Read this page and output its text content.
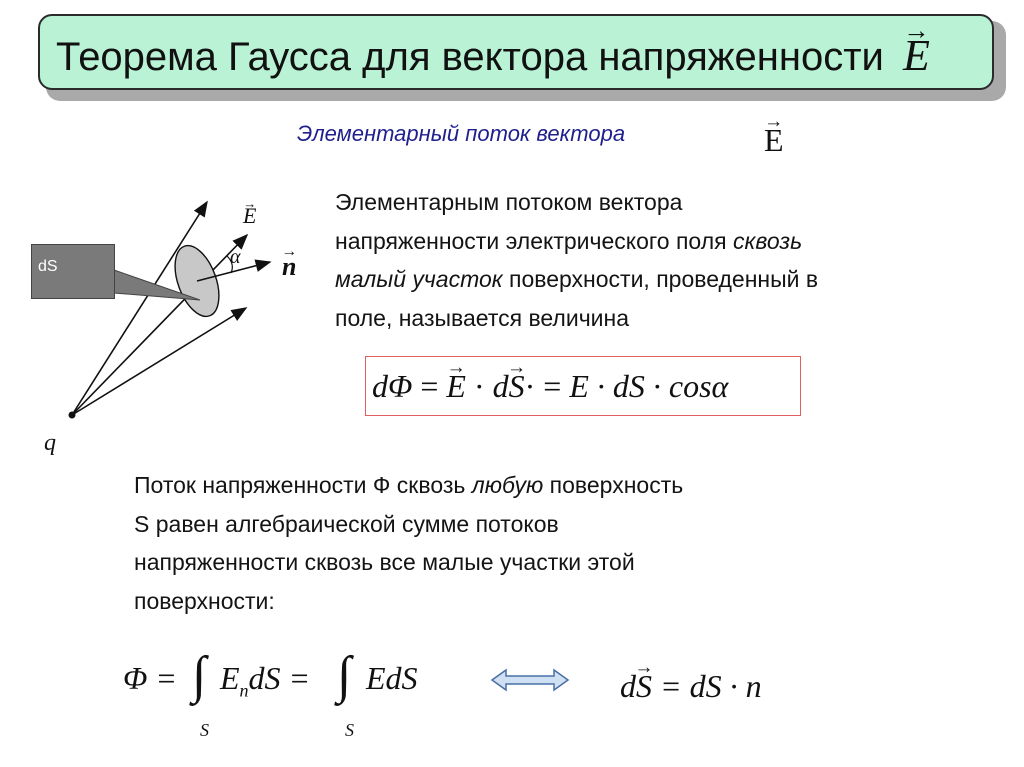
Теорема Гаусса для вектора напряженности → E
Элементарный поток вектора	→ E
Элементарным потоком вектора
напряженности электрического поля сквозь
малый участок поверхности, проведенный в
поле, называется величина
dΦ = → E · d→ S· = E · dS · cosα
Поток напряженности Ф сквозь любую поверхность
S равен алгебраической сумме потоков
напряженности сквозь все малые участки этой
поверхности:
Φ = ∫
S
$E_ndS$ = ∫
S
EdS	d→ S = dS · n
dS
→ E
α → n
q
